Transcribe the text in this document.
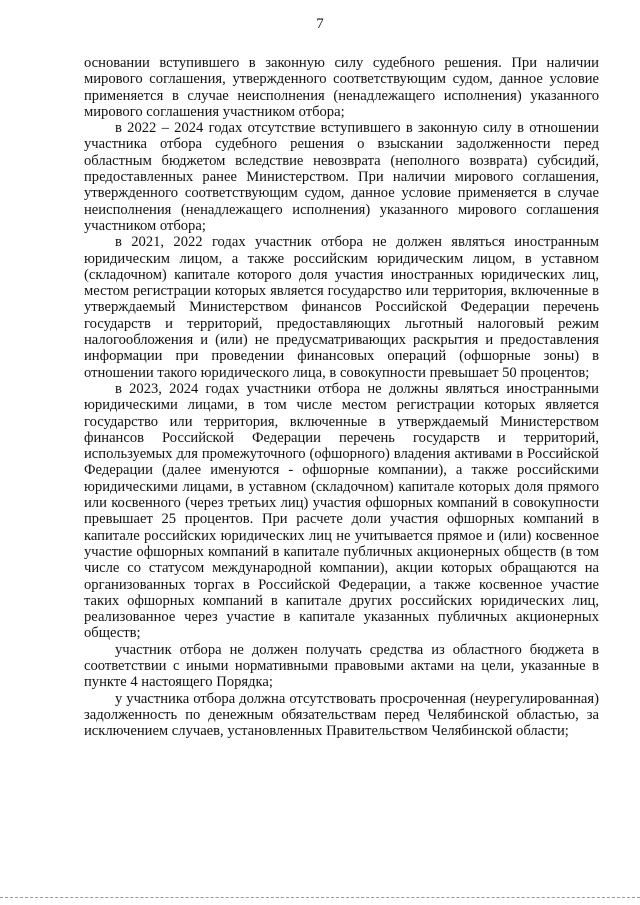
7

основании вступившего в законную силу судебного решения. При наличии мирового соглашения, утвержденного соответствующим судом, данное условие применяется в случае неисполнения (ненадлежащего исполнения) указанного мирового соглашения участником отбора;

в 2022 – 2024 годах отсутствие вступившего в законную силу в отношении участника отбора судебного решения о взыскании задолженности перед областным бюджетом вследствие невозврата (неполного возврата) субсидий, предоставленных ранее Министерством. При наличии мирового соглашения, утвержденного соответствующим судом, данное условие применяется в случае неисполнения (ненадлежащего исполнения) указанного мирового соглашения участником отбора;

в 2021, 2022 годах участник отбора не должен являться иностранным юридическим лицом, а также российским юридическим лицом, в уставном (складочном) капитале которого доля участия иностранных юридических лиц, местом регистрации которых является государство или территория, включенные в утверждаемый Министерством финансов Российской Федерации перечень государств и территорий, предоставляющих льготный налоговый режим налогообложения и (или) не предусматривающих раскрытия и предоставления информации при проведении финансовых операций (офшорные зоны) в отношении такого юридического лица, в совокупности превышает 50 процентов;

в 2023, 2024 годах участники отбора не должны являться иностранными юридическими лицами, в том числе местом регистрации которых является государство или территория, включенные в утверждаемый Министерством финансов Российской Федерации перечень государств и территорий, используемых для промежуточного (офшорного) владения активами в Российской Федерации (далее именуются - офшорные компании), а также российскими юридическими лицами, в уставном (складочном) капитале которых доля прямого или косвенного (через третьих лиц) участия офшорных компаний в совокупности превышает 25 процентов. При расчете доли участия офшорных компаний в капитале российских юридических лиц не учитывается прямое и (или) косвенное участие офшорных компаний в капитале публичных акционерных обществ (в том числе со статусом международной компании), акции которых обращаются на организованных торгах в Российской Федерации, а также косвенное участие таких офшорных компаний в капитале других российских юридических лиц, реализованное через участие в капитале указанных публичных акционерных обществ;

участник отбора не должен получать средства из областного бюджета в соответствии с иными нормативными правовыми актами на цели, указанные в пункте 4 настоящего Порядка;

у участника отбора должна отсутствовать просроченная (неурегулированная) задолженность по денежным обязательствам перед Челябинской областью, за исключением случаев, установленных Правительством Челябинской области;
